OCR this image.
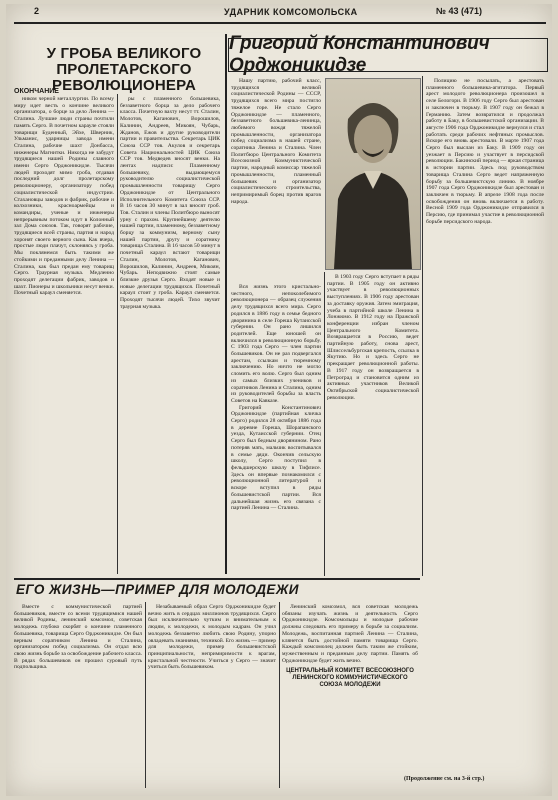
2	УДАРНИК КОМСОМОЛЬСКА	№ 43 (471)
У ГРОБА ВЕЛИКОГО
ПРОЛЕТАРСКОГО РЕВОЛЮЦИОНЕРА
ОКОНЧАНИЕ

ником черной металлургии. По всему миру идет весть о кончине великого организатора, о борце за дело Ленина — Сталина. Лучшие люди страны почтили память Серго. В почетном карауле стояли товарищи Буденный, Эйхе, Шверник, Ульманис, ударницы завода имени Сталина, рабочие шахт Донбасса, инженеры Магнитки. Никогда не забудут трудящиеся нашей Родины славного имени Серго Орджоникидзе. Тысячи людей проходят мимо гроба, отдавая последний долг пролетарскому революционеру, организатору побед социалистической индустрии. Стахановцы заводов и фабрик, рабочие и колхозники, красноармейцы и командиры, ученые и инженеры непрерывным потоком идут в Колонный зал Дома союзов. Так, говорят рабочие, трудящиеся всей страны, партия и народ хоронят своего верного сына. Как вчера, простые люди плачут, склоняясь у гроба. Мы поклянемся быть такими же стойкими и преданными делу Ленина — Сталина, как был предан ему товарищ Серго. Траурная музыка. Медленно проходят делегации фабрик, заводов и шахт. Пионеры и школьники несут венки. Почетный караул сменяется.

ры с пламенного большевика, беззаветного борца за дело рабочего класса. Почетную вахту несут тт. Сталин, Молотов, Каганович, Ворошилов, Калинин, Андреев, Микоян, Чубарь, Жданов, Ежов и другие руководители партии и правительства. Секретарь ЦИК Союза ССР тов. Акулов и секретарь Совета Национальностей ЦИК Союза ССР тов. Медведев вносят венки. На лентах надписи: Пламенному большевику, выдающемуся руководителю социалистической промышленности товарищу Серго Орджоникидзе от Центрального Исполнительного Комитета Союза ССР. В 16 часов 30 минут в зал вносят гроб. Тов. Сталин и члены Политбюро выносят урну с прахом. Крупнейшему деятелю нашей партии, пламенному, беззаветному борцу за коммунизм, верному сыну нашей партии, другу и соратнику товарища Сталина. В 16 часов 50 минут в почетный караул встают товарищи Сталин, Молотов, Каганович, Ворошилов, Калинин, Андреев, Микоян, Чубарь. Неподвижно стоят самые близкие друзья Серго. Входят новые и новые делегации трудящихся. Почетный караул стоит у гроба. Караул сменяется. Проходят тысячи людей. Тихо звучит траурная музыка.

Григорий Константинович Орджоникидзе

Нашу партию, рабочий класс, трудящихся великой социалистической Родины — СССР, трудящихся всего мира постигло тяжелое горе. Не стало Серго Орджоникидзе — пламенного, беззаветного большевика-ленинца, любимого вождя тяжелой промышленности, организатора побед социализма в нашей стране, соратника Ленина и Сталина. Член Политбюро Центрального Комитета Всесоюзной Коммунистической партии, народный комиссар тяжелой промышленности, пламенный большевик и организатор социалистического строительства, непримиримый борец против врагов народа.

Полицию не посылать, а арестовать пламенного большевика-агитатора. Первый арест молодого революционера произошел в селе Белогори. В 1906 году Серго был арестован и заключен в тюрьму. В 1907 году он бежал в Германию. Затем возвратился и продолжал работу в Баку, в большевистской организации. В августе 1906 года Орджоникидзе вернулся и стал работать среди рабочих нефтяных промыслов. Вскоре его вновь арестовали. В марте 1907 года Серго был выслан из Баку. В 1909 году он уезжает в Персию и участвует в персидской революции. Бакинский период — яркая страница в истории партии. Здесь под руководством товарища Сталина Серго ведет напряженную борьбу за большевистскую линию. В ноябре 1907 года Серго Орджоникидзе был арестован и заключен в тюрьму. В апреле 1908 года после освобождения он вновь включается в работу. Весной 1909 года Орджоникидзе отправился в Персию, где принимал участие в революционной борьбе персидского народа.

Вся жизнь этого кристально-честного, непоколебимого революционера — образец служения делу трудящихся всего мира. Серго родился в 1886 году в семье бедного дворянина в селе Гореша Кутаисской губернии. Он рано лишился родителей. Еще юношей он включился в революционную борьбу. С 1903 года Серго — член партии большевиков. Он не раз подвергался арестам, ссылкам и тюремному заключению. Но ничто не могло сломить его волю. Серго был одним из самых близких учеников и соратников Ленина и Сталина, одним из руководителей борьбы за власть Советов на Кавказе.

Григорий Константинович Орджоникидзе (партийная кличка Серго) родился 28 октября 1886 года в деревне Гореша, Шорапанского уезда, Кутаисской губернии. Отец Серго был бедным дворянином. Рано потеряв мать, мальчик воспитывался в семье дяди. Окончив сельскую школу, Серго поступил в фельдшерскую школу в Тифлисе. Здесь он впервые познакомился с революционной литературой и вскоре вступил в ряды большевистской партии. Вся дальнейшая жизнь его связана с партией Ленина — Сталина.

В 1903 году Серго вступает в ряды партии. В 1905 году он активно участвует в революционных выступлениях. В 1906 году арестован за доставку оружия. Затем эмиграция, учеба в партийной школе Ленина в Лонжюмо. В 1912 году на Пражской конференции избран членом Центрального Комитета. Возвращается в Россию, ведет партийную работу, снова арест, Шлиссельбургская крепость, ссылка в Якутию. Но и здесь Серго не прекращает революционной работы. В 1917 году он возвращается в Петроград и становится одним из активных участников Великой Октябрьской социалистической революции.

ЕГО ЖИЗНЬ—ПРИМЕР ДЛЯ МОЛОДЕЖИ

Вместе с коммунистической партией большевиков, вместе со всеми трудящимися нашей великой Родины, ленинский комсомол, советская молодежь глубоко скорбят о кончине пламенного большевика, товарища Серго Орджоникидзе. Он был верным соратником Ленина и Сталина, организатором побед социализма. Он отдал всю свою жизнь борьбе за освобождение рабочего класса. В рядах большевиков он прошел суровый путь подпольщика.

Незабываемый образ Серго Орджоникидзе будет вечно жить в сердцах миллионов трудящихся. Серго был исключительно чутким и внимательным к людям, к молодежи, к молодым кадрам. Он учил молодежь беззаветно любить свою Родину, упорно овладевать знаниями, техникой. Его жизнь — пример для молодежи, пример большевистской принципиальности, непримиримости к врагам, кристальной честности. Учиться у Серго — значит учиться быть большевиком.

Ленинский комсомол, вся советская молодежь обязаны изучать жизнь и деятельность Серго Орджоникидзе. Комсомольцы и молодые рабочие должны следовать его примеру в борьбе за социализм. Молодежь, воспитанная партией Ленина — Сталина, клянется быть достойной памяти товарища Серго. Каждый комсомолец должен быть таким же стойким, мужественным и преданным делу партии. Память об Орджоникидзе будет жить вечно.

ЦЕНТРАЛЬНЫЙ КОМИТЕТ ВСЕСОЮЗНОГО ЛЕНИНСКОГО КОММУНИСТИЧЕСКОГО СОЮЗА МОЛОДЕЖИ
(Продолжение см. на 3-й стр.)
